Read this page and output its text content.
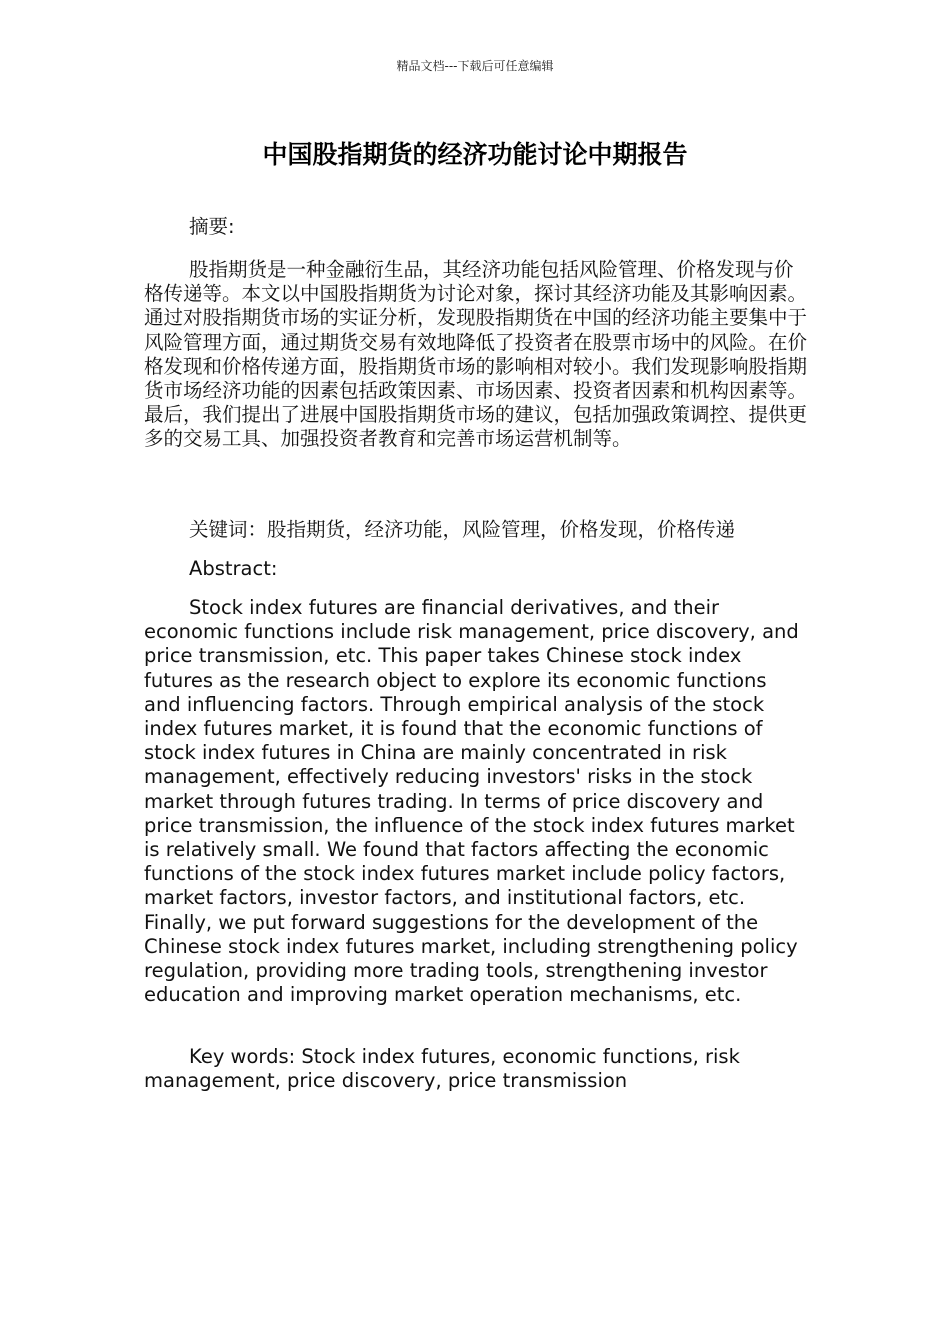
精品文档---下载后可任意编辑
中国股指期货的经济功能讨论中期报告

摘要:

股指期货是一种金融衍生品，其经济功能包括风险管理、价格发现与价格传递等。本文以中国股指期货为讨论对象，探讨其经济功能及其影响因素。通过对股指期货市场的实证分析，发现股指期货在中国的经济功能主要集中于风险管理方面，通过期货交易有效地降低了投资者在股票市场中的风险。在价格发现和价格传递方面，股指期货市场的影响相对较小。我们发现影响股指期货市场经济功能的因素包括政策因素、市场因素、投资者因素和机构因素等。最后，我们提出了进展中国股指期货市场的建议，包括加强政策调控、提供更多的交易工具、加强投资者教育和完善市场运营机制等。

关键词：股指期货，经济功能，风险管理，价格发现，价格传递

Abstract:

Stock index futures are financial derivatives, and their economic functions include risk management, price discovery, and price transmission, etc. This paper takes Chinese stock index futures as the research object to explore its economic functions and influencing factors. Through empirical analysis of the stock index futures market, it is found that the economic functions of stock index futures in China are mainly concentrated in risk management, effectively reducing investors' risks in the stock market through futures trading. In terms of price discovery and price transmission, the influence of the stock index futures market is relatively small. We found that factors affecting the economic functions of the stock index futures market include policy factors, market factors, investor factors, and institutional factors, etc. Finally, we put forward suggestions for the development of the Chinese stock index futures market, including strengthening policy regulation, providing more trading tools, strengthening investor education and improving market operation mechanisms, etc.

Key words: Stock index futures, economic functions, risk management, price discovery, price transmission
